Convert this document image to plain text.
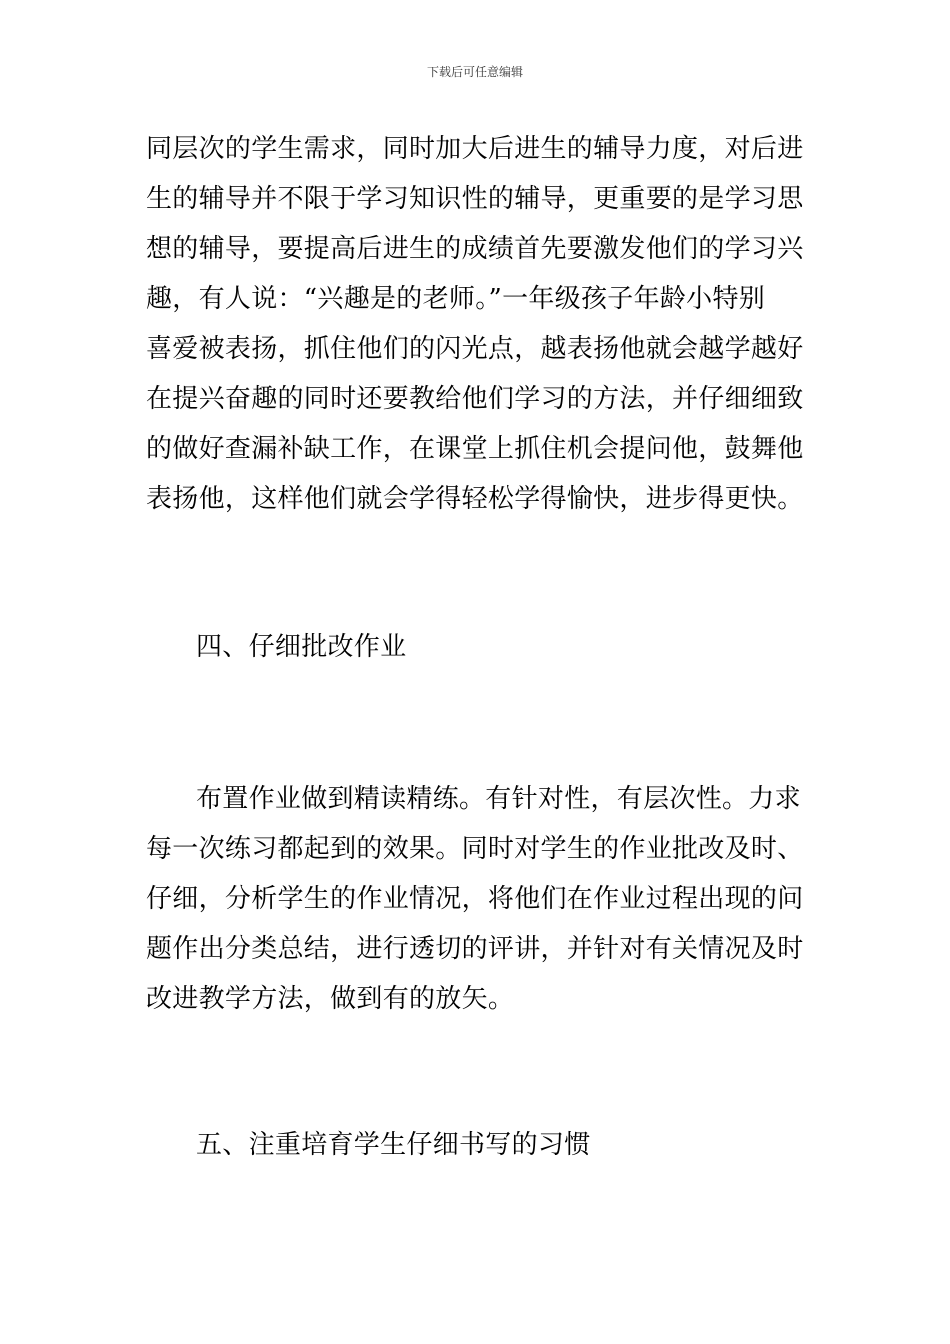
下载后可任意编辑
同层次的学生需求，同时加大后进生的辅导力度，对后进
生的辅导并不限于学习知识性的辅导，更重要的是学习思
想的辅导，要提高后进生的成绩首先要激发他们的学习兴
趣，有人说：“兴趣是的老师。”一年级孩子年龄小特别
喜爱被表扬，抓住他们的闪光点，越表扬他就会越学越好
在提兴奋趣的同时还要教给他们学习的方法，并仔细细致
的做好查漏补缺工作，在课堂上抓住机会提问他，鼓舞他
表扬他，这样他们就会学得轻松学得愉快，进步得更快。
四、仔细批改作业
布置作业做到精读精练。有针对性，有层次性。力求
每一次练习都起到的效果。同时对学生的作业批改及时、
仔细，分析学生的作业情况，将他们在作业过程出现的问
题作出分类总结，进行透切的评讲，并针对有关情况及时
改进教学方法，做到有的放矢。
五、注重培育学生仔细书写的习惯
